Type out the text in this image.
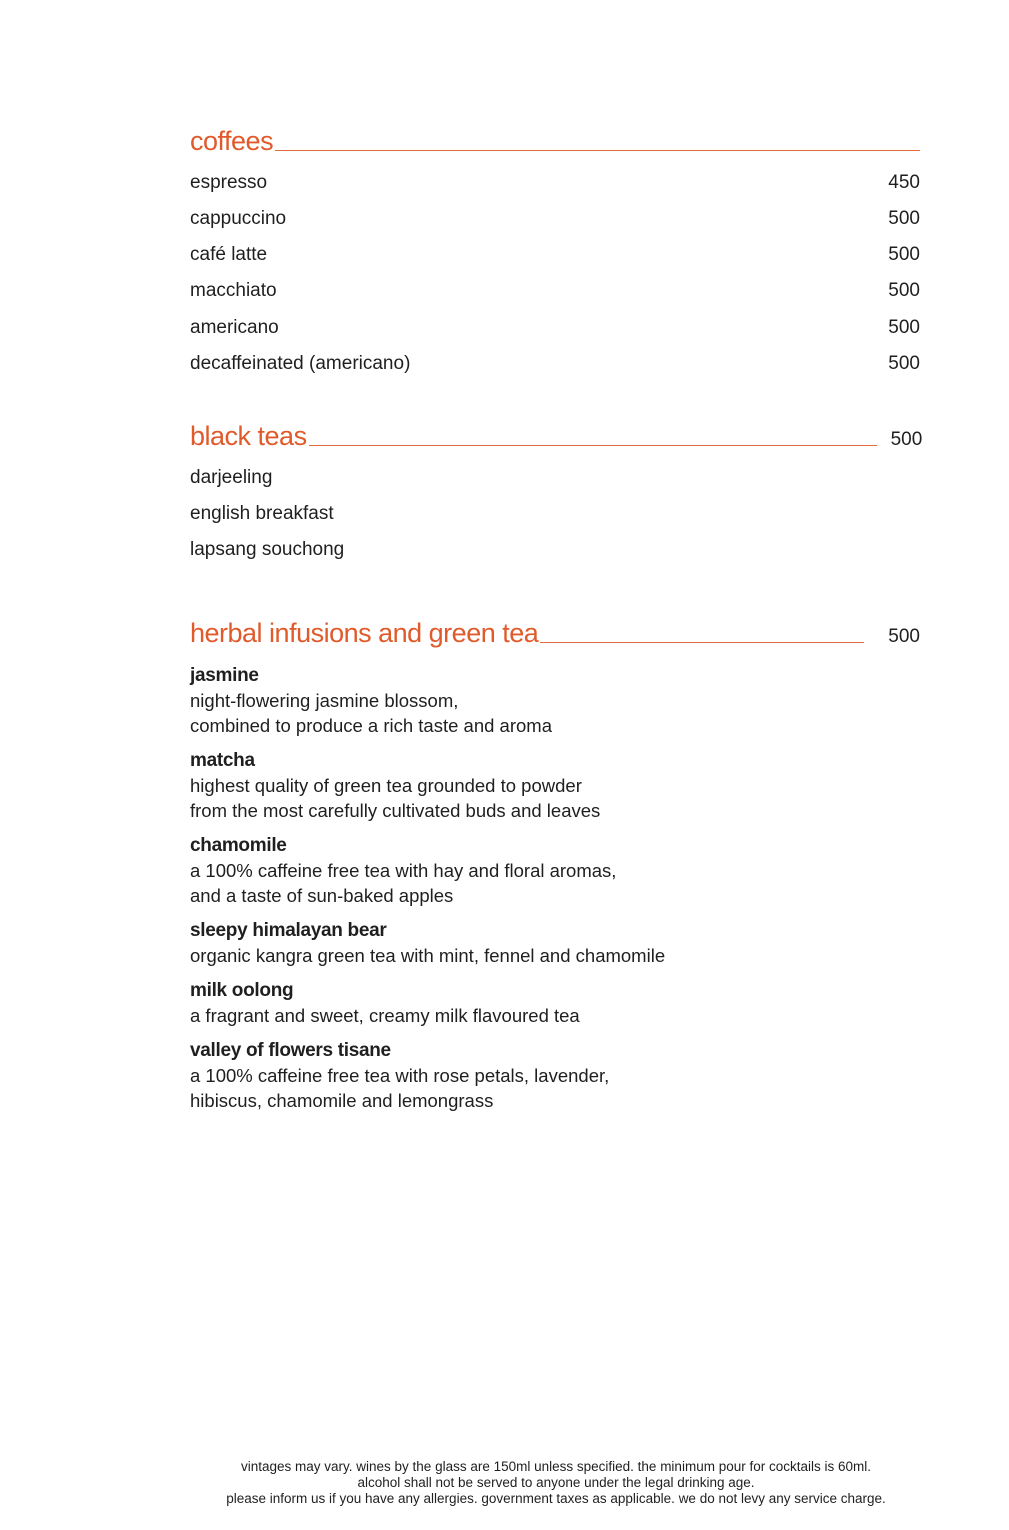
coffees
espresso	450
cappuccino	500
café latte	500
macchiato	500
americano	500
decaffeinated (americano)	500
black teas	500
darjeeling
english breakfast
lapsang souchong
herbal infusions and green tea	500
jasmine
night-flowering jasmine blossom,
combined to produce a rich taste and aroma
matcha
highest quality of green tea grounded to powder
from the most carefully cultivated buds and leaves
chamomile
a 100% caffeine free tea with hay and floral aromas,
and a taste of sun-baked apples
sleepy himalayan bear
organic kangra green tea with mint, fennel and chamomile
milk oolong
a fragrant and sweet, creamy milk flavoured tea
valley of flowers tisane
a 100% caffeine free tea with rose petals, lavender,
hibiscus, chamomile and lemongrass
vintages may vary. wines by the glass are 150ml unless specified. the minimum pour for cocktails is 60ml.
alcohol shall not be served to anyone under the legal drinking age.
please inform us if you have any allergies. government taxes as applicable. we do not levy any service charge.
